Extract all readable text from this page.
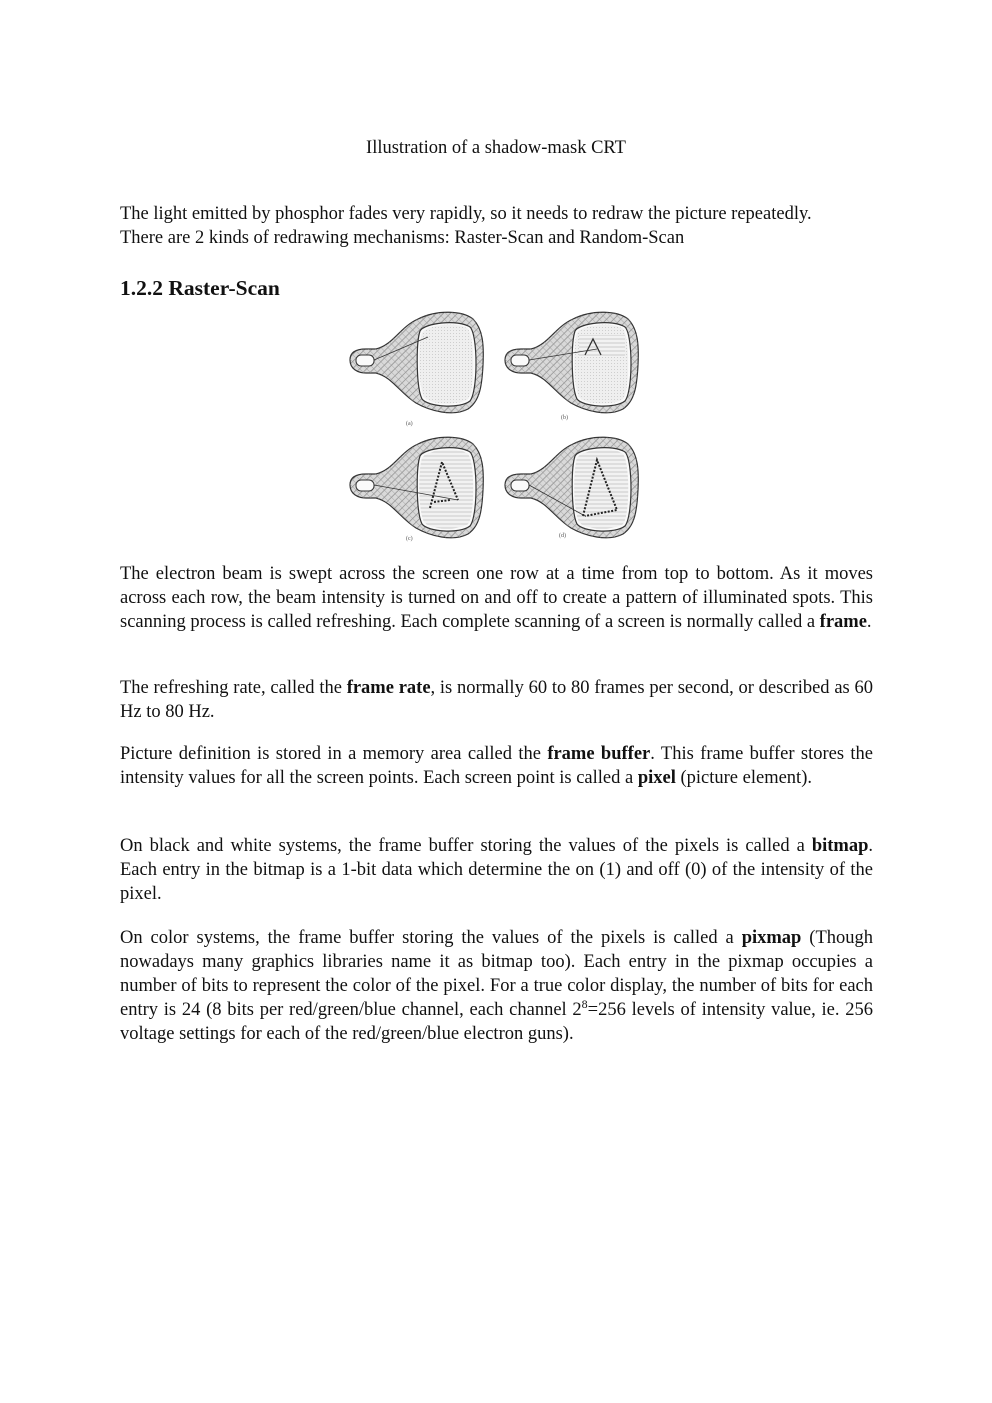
Illustration of a shadow-mask CRT

The light emitted by phosphor fades very rapidly, so it needs to redraw the picture repeatedly.
There are 2 kinds of redrawing mechanisms: Raster-Scan and Random-Scan

1.2.2 Raster-Scan
(a)
(b)
(c)	(d)

The electron beam is swept across the screen one row at a time from top to bottom. As it moves across each row, the beam intensity is turned on and off to create a pattern of illuminated spots. This scanning process is called refreshing. Each complete scanning of a screen is normally called a frame.

The refreshing rate, called the frame rate, is normally 60 to 80 frames per second, or described as 60 Hz to 80 Hz.

Picture definition is stored in a memory area called the frame buffer. This frame buffer stores the intensity values for all the screen points. Each screen point is called a pixel (picture element).

On black and white systems, the frame buffer storing the values of the pixels is called a bitmap. Each entry in the bitmap is a 1-bit data which determine the on (1) and off (0) of the intensity of the pixel.

On color systems, the frame buffer storing the values of the pixels is called a pixmap (Though nowadays many graphics libraries name it as bitmap too). Each entry in the pixmap occupies a number of bits to represent the color of the pixel. For a true color display, the number of bits for each entry is 24 (8 bits per red/green/blue channel, each channel $2^8=256$ levels of intensity value, ie. 256 voltage settings for each of the red/green/blue electron guns).
